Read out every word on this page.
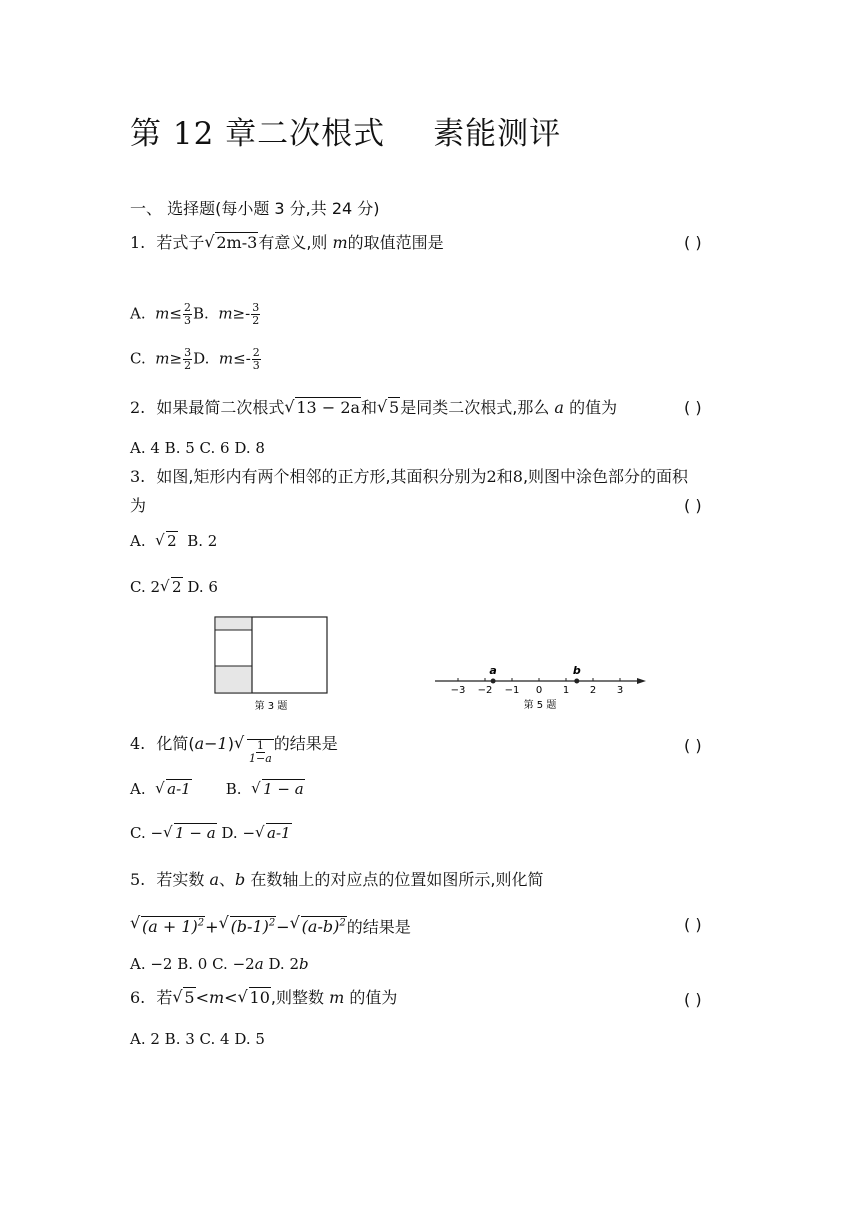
第 12 章二次根式 素能测评
一、 选择题(每小题 3 分,共 24 分)
1. 若式子√ 2m-3有意义,则 m的取值范围是	( )
A. $m\le \frac{2}{3} B$. $m\ge- \frac{3}{2}$
C. $m\ge \frac{3}{2} D$. $m\le- \frac{2}{3}$
2. 如果最简二次根式√ 13 − 2a和√ 5是同类二次根式,那么 a 的值为	( )
A. 4 B. 5 C. 6 D. 8
3. 如图,矩形内有两个相邻的正方形,其面积分别为2和8,则图中涂色部分的面积
为	( )
A.  √ 2 B. 2
C. 2√ 2 D. 6
第 3 题
−3 −2 −1 0 1 2 3
a	b
第 5 题
4. 化简(a−1)
√ $\frac{1}{1-a}$ 的结果是	( )
A.  √ a-1 B.  √ 1 − a
C. −√ 1 − a D. −√ a-1
5. 若实数 a、b 在数轴上的对应点的位置如图所示,则化简
√ $(a + 1)^2+√$ $(b-1)^2-√$ $(a-b)^2$的结果是	( )
A. −2 B. 0 C. −2a D. 2b
6. 若√ 5<m<√ 10,则整数 m 的值为	( )
A. 2 B. 3 C. 4 D. 5
